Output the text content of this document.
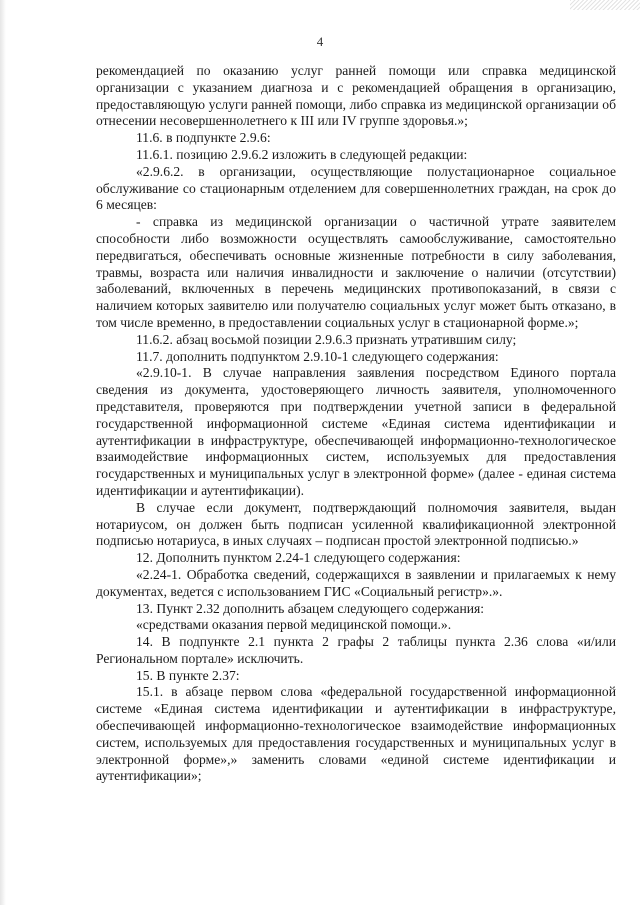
4

рекомендацией по оказанию услуг ранней помощи или справка медицинской организации с указанием диагноза и с рекомендацией обращения в организацию, предоставляющую услуги ранней помощи, либо справка из медицинской организации об отнесении несовершеннолетнего к III или IV группе здоровья.»;

11.6. в подпункте 2.9.6:

11.6.1. позицию 2.9.6.2 изложить в следующей редакции:

«2.9.6.2. в организации, осуществляющие полустационарное социальное обслуживание со стационарным отделением для совершеннолетних граждан, на срок до 6 месяцев:

- справка из медицинской организации о частичной утрате заявителем способности либо возможности осуществлять самообслуживание, самостоятельно передвигаться, обеспечивать основные жизненные потребности в силу заболевания, травмы, возраста или наличия инвалидности и заключение о наличии (отсутствии) заболеваний, включенных в перечень медицинских противопоказаний, в связи с наличием которых заявителю или получателю социальных услуг может быть отказано, в том числе временно, в предоставлении социальных услуг в стационарной форме.»;

11.6.2. абзац восьмой позиции 2.9.6.3 признать утратившим силу;

11.7. дополнить подпунктом 2.9.10-1 следующего содержания:

«2.9.10-1. В случае направления заявления посредством Единого портала сведения из документа, удостоверяющего личность заявителя, уполномоченного представителя, проверяются при подтверждении учетной записи в федеральной государственной информационной системе «Единая система идентификации и аутентификации в инфраструктуре, обеспечивающей информационно-технологическое взаимодействие информационных систем, используемых для предоставления государственных и муниципальных услуг в электронной форме» (далее - единая система идентификации и аутентификации).

В случае если документ, подтверждающий полномочия заявителя, выдан нотариусом, он должен быть подписан усиленной квалификационной электронной подписью нотариуса, в иных случаях – подписан простой электронной подписью.»

12. Дополнить пунктом 2.24-1 следующего содержания:

«2.24-1. Обработка сведений, содержащихся в заявлении и прилагаемых к нему документах, ведется с использованием ГИС «Социальный регистр».».

13. Пункт 2.32 дополнить абзацем следующего содержания:

«средствами оказания первой медицинской помощи.».

14. В подпункте 2.1 пункта 2 графы 2 таблицы пункта 2.36 слова «и/или Региональном портале» исключить.

15. В пункте 2.37:

15.1. в абзаце первом слова «федеральной государственной информационной системе «Единая система идентификации и аутентификации в инфраструктуре, обеспечивающей информационно-технологическое взаимодействие информационных систем, используемых для предоставления государственных и муниципальных услуг в электронной форме»,» заменить словами «единой системе идентификации и аутентификации»;
